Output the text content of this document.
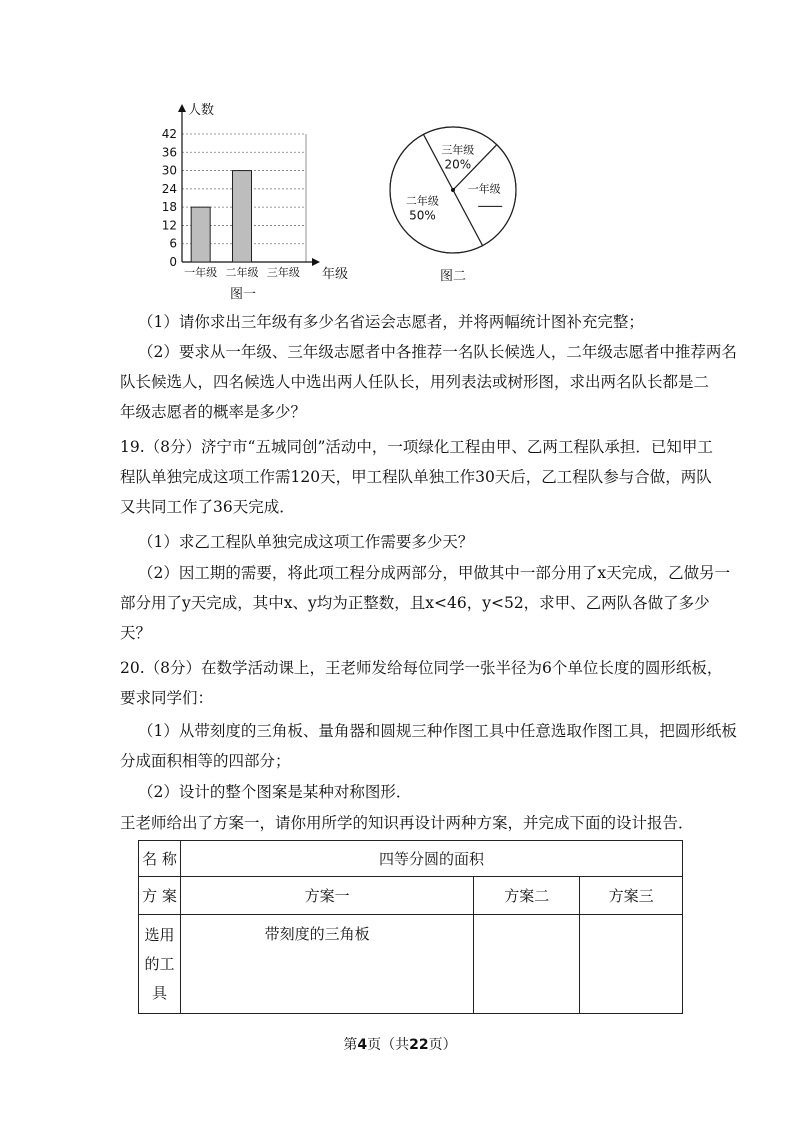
0
6
12
18
24
30
36
42
一年级 二年级 三年级
人数
年级
图一
三年级
20%
一年级
二年级
50%
图二
（1）请你求出三年级有多少名省运会志愿者，并将两幅统计图补充完整；
（2）要求从一年级、三年级志愿者中各推荐一名队长候选人，二年级志愿者中推荐两名
队长候选人，四名候选人中选出两人任队长，用列表法或树形图，求出两名队长都是二
年级志愿者的概率是多少？
19.（8分）济宁市“五城同创”活动中，一项绿化工程由甲、乙两工程队承担．已知甲工
程队单独完成这项工作需120天，甲工程队单独工作30天后，乙工程队参与合做，两队
又共同工作了36天完成．
（1）求乙工程队单独完成这项工作需要多少天？
（2）因工期的需要，将此项工程分成两部分，甲做其中一部分用了x天完成，乙做另一
部分用了y天完成，其中x、y均为正整数，且x<46，y<52，求甲、乙两队各做了多少
天？
20.（8分）在数学活动课上，王老师发给每位同学一张半径为6个单位长度的圆形纸板，
要求同学们：
（1）从带刻度的三角板、量角器和圆规三种作图工具中任意选取作图工具，把圆形纸板
分成面积相等的四部分；
（2）设计的整个图案是某种对称图形．
王老师给出了方案一，请你用所学的知识再设计两种方案，并完成下面的设计报告．
名 称	四等分圆的面积		
方 案	方案一	方案二	方案三

选用
的工
具	带刻度的三角板		
第4页（共22页）
